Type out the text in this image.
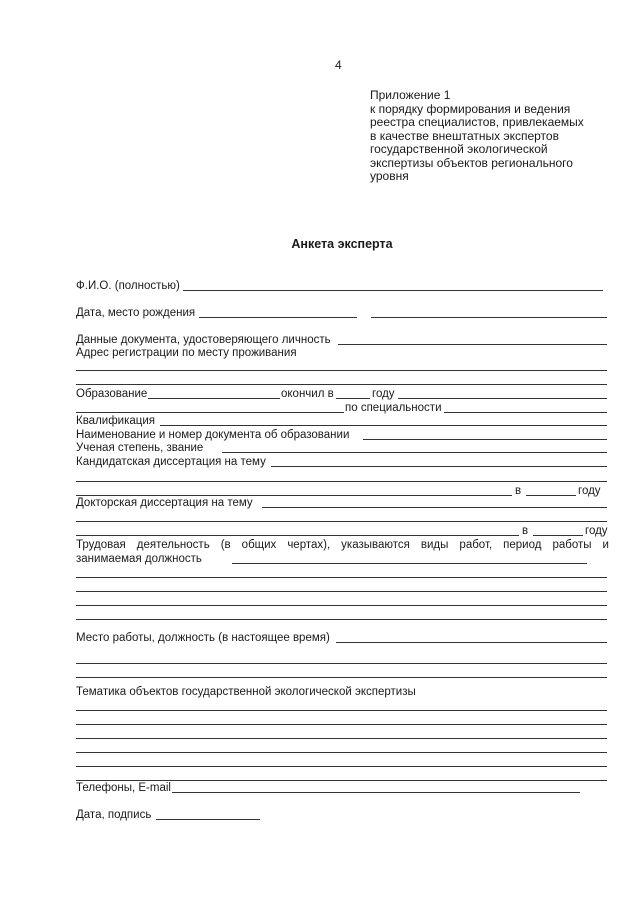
4
Приложение 1
к порядку формирования и ведения
реестра специалистов, привлекаемых
в качестве внештатных экспертов
государственной экологической
экспертизы объектов регионального
уровня
Анкета эксперта
Ф.И.О. (полностью)
Дата, место рождения
Данные документа, удостоверяющего личность
Адрес регистрации по месту проживания
Образование	окончил в	году
по специальности
Квалификация
Наименование и номер документа об образовании
Ученая степень, звание
Кандидатская диссертация на тему
в	году
Докторская диссертация на тему
в	году
Трудовая деятельность (в общих чертах), указываются виды работ, период работы и
занимаемая должность
Место работы, должность (в настоящее время)
Тематика объектов государственной экологической экспертизы
Телефоны, E-mail
Дата, подпись
